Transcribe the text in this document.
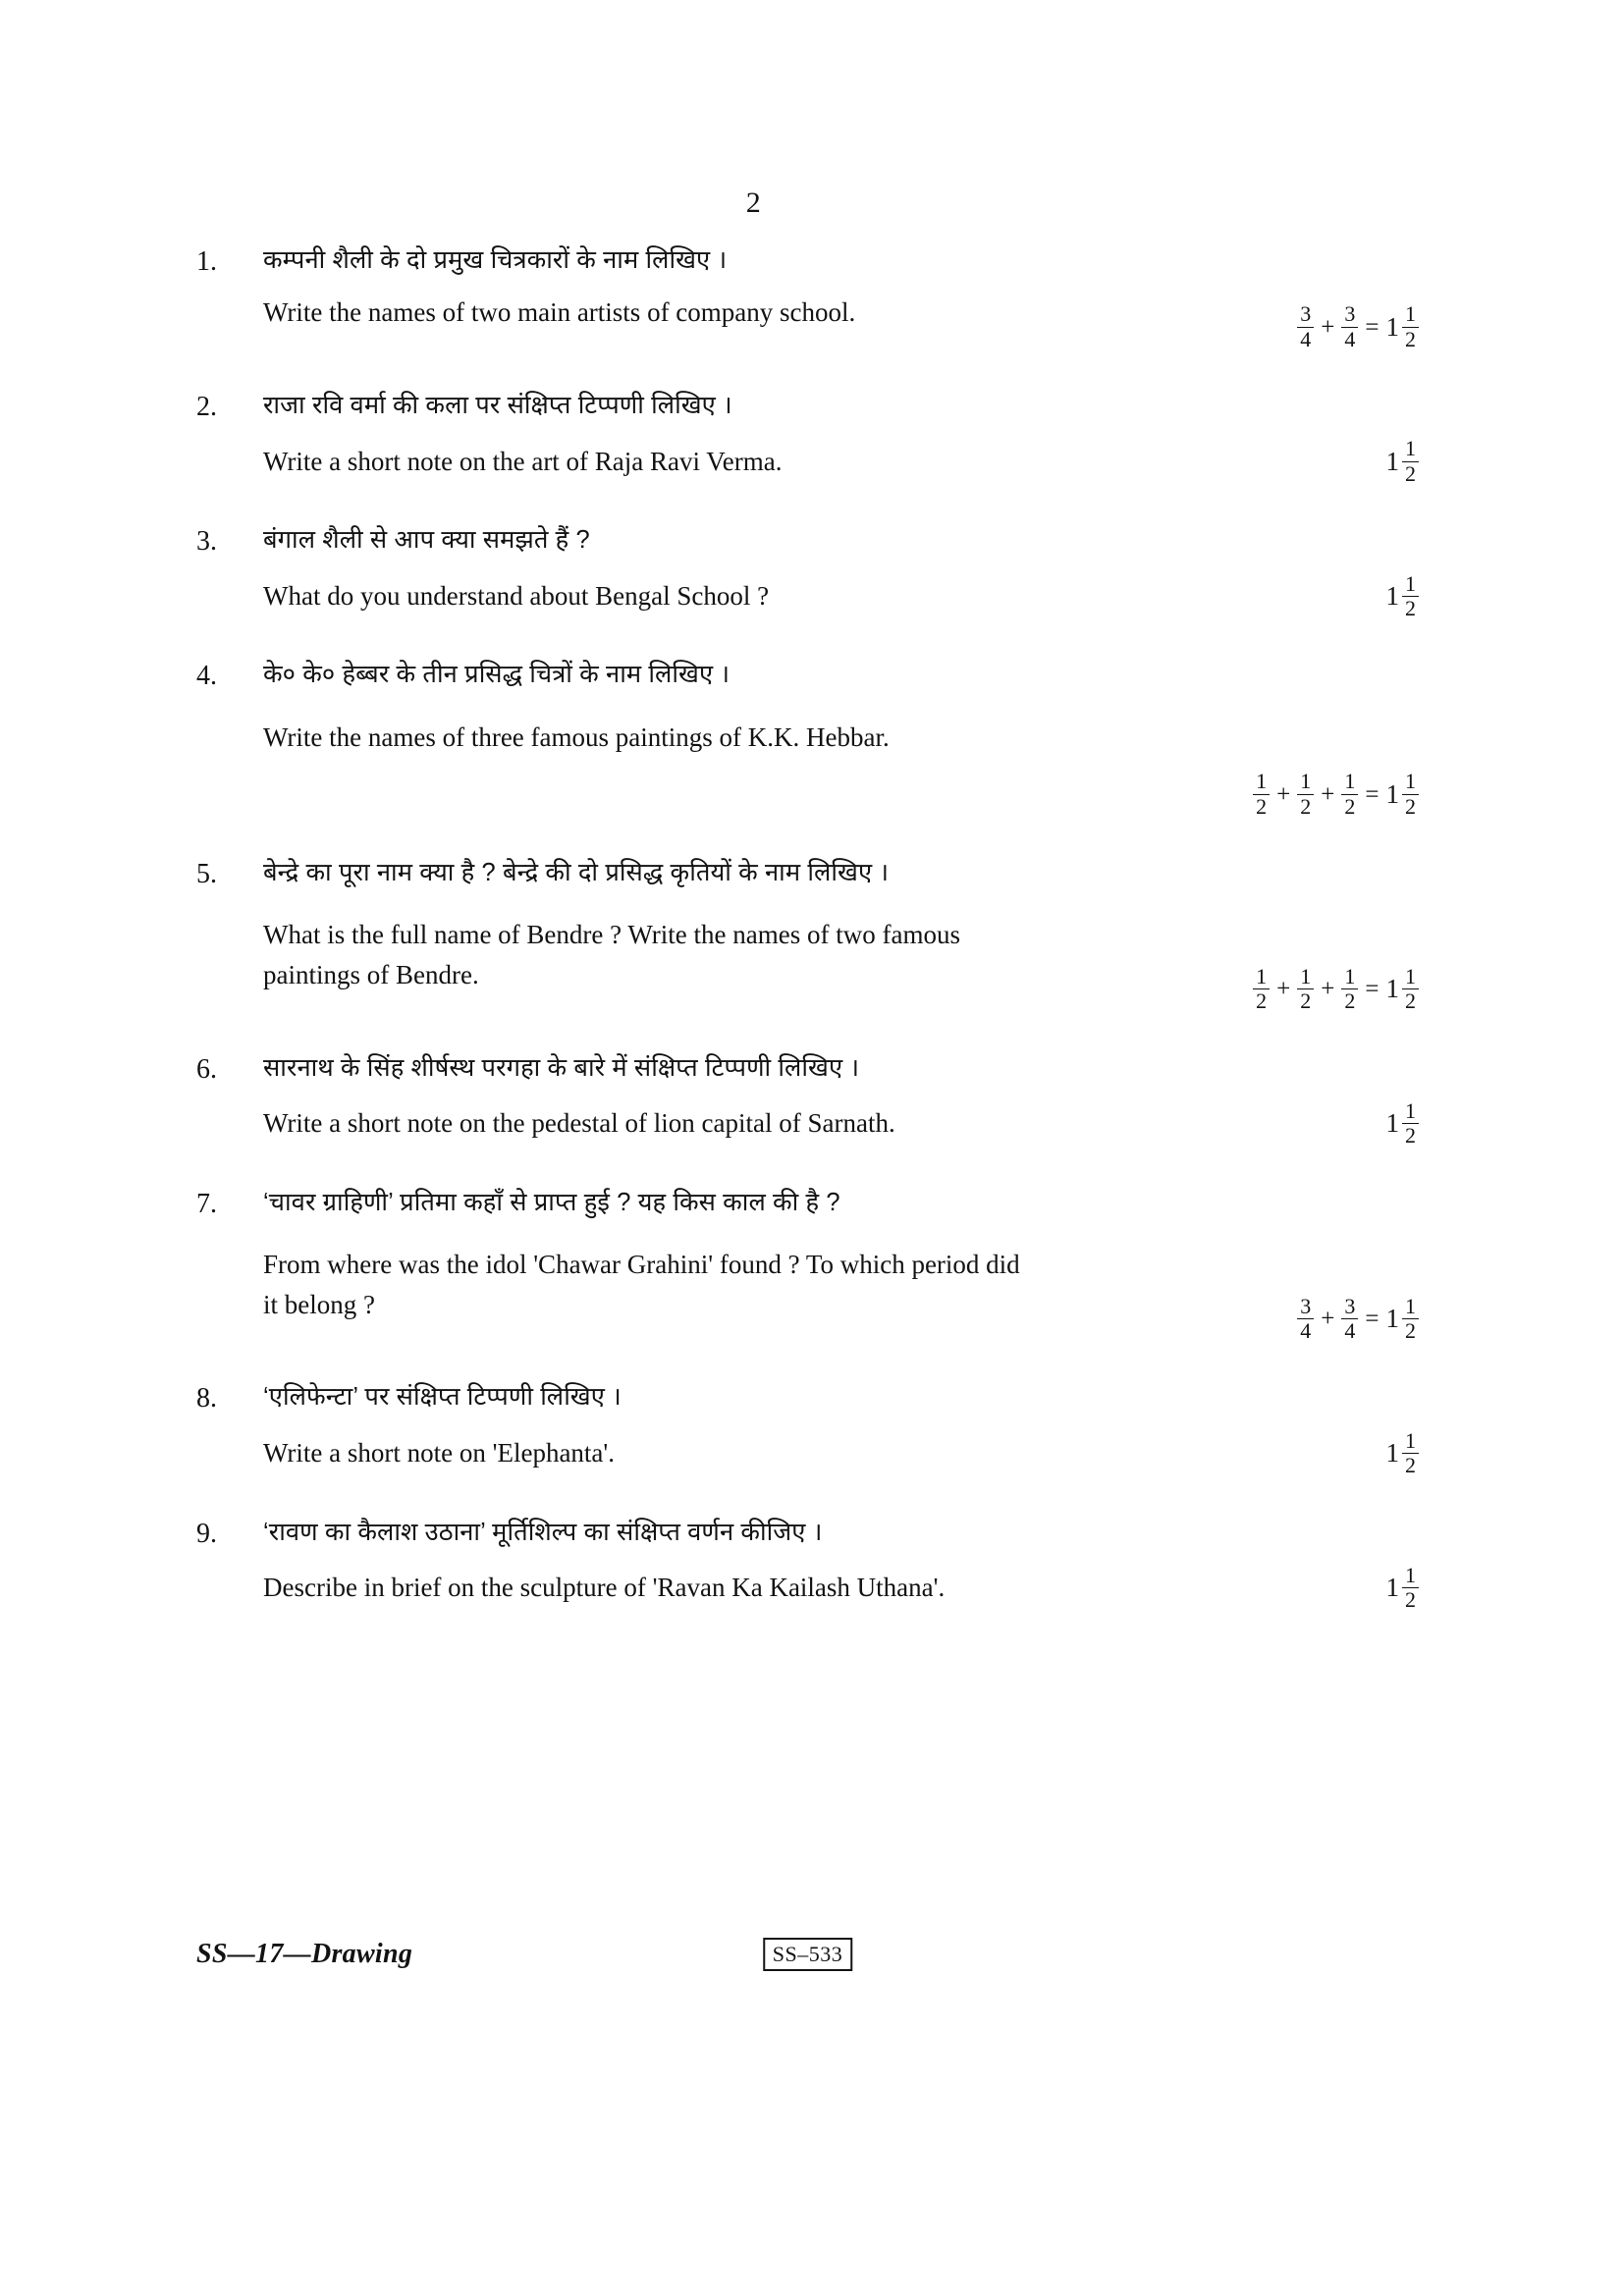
2
1.	कम्पनी शैली के दो प्रमुख चित्रकारों के नाम लिखिए ।
Write the names of two main artists of company school.	$\frac{3}{4} + \frac{3}{4} = 1 \frac{1}{2}$
2.	राजा रवि वर्मा की कला पर संक्षिप्त टिप्पणी लिखिए ।
Write a short note on the art of Raja Ravi Verma.	$1 \frac{1}{2}$
3.	बंगाल शैली से आप क्या समझते हैं ?
What do you understand about Bengal School ?	$1 \frac{1}{2}$
4.	के० के० हेब्बर के तीन प्रसिद्ध चित्रों के नाम लिखिए ।
Write the names of three famous paintings of K.K. Hebbar.
$\frac{1}{2} + \frac{1}{2} + \frac{1}{2} = 1 \frac{1}{2}$
5.	बेन्द्रे का पूरा नाम क्या है ? बेन्द्रे की दो प्रसिद्ध कृतियों के नाम लिखिए ।
What is the full name of Bendre ? Write the names of two famous
paintings of Bendre.	$\frac{1}{2} + \frac{1}{2} + \frac{1}{2} = 1 \frac{1}{2}$
6.	सारनाथ के सिंह शीर्षस्थ परगहा के बारे में संक्षिप्त टिप्पणी लिखिए ।
Write a short note on the pedestal of lion capital of Sarnath.	$1 \frac{1}{2}$
7.	‘चावर ग्राहिणी’ प्रतिमा कहाँ से प्राप्त हुई ? यह किस काल की है ?
From where was the idol 'Chawar Grahini' found ? To which period did
it belong ?	$\frac{3}{4} + \frac{3}{4} = 1 \frac{1}{2}$
8.	‘एलिफेन्टा’ पर संक्षिप्त टिप्पणी लिखिए ।
Write a short note on 'Elephanta'.	$1 \frac{1}{2}$
9.	‘रावण का कैलाश उठाना’ मूर्तिशिल्प का संक्षिप्त वर्णन कीजिए ।
Describe in brief on the sculpture of 'Ravan Ka Kailash Uthana'.	$1 \frac{1}{2}$
SS—17—Drawing	SS–533
